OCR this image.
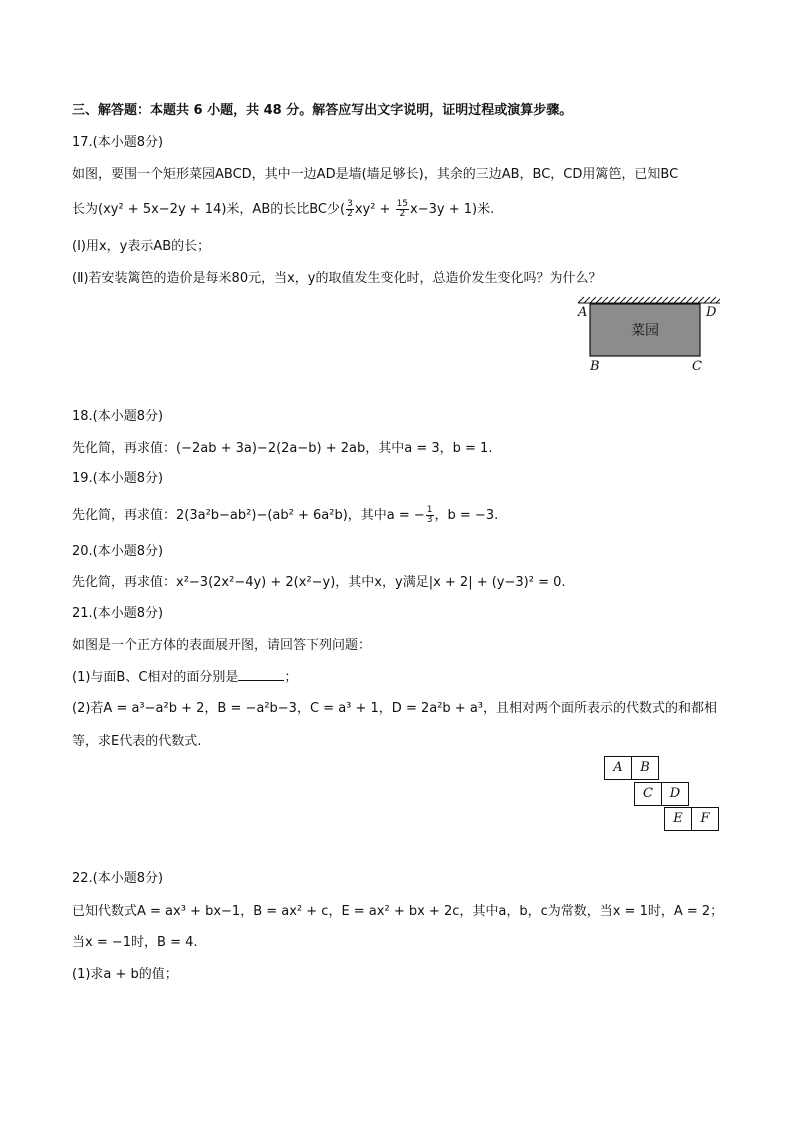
三、解答题：本题共 6 小题，共 48 分。解答应写出文字说明，证明过程或演算步骤。
17.(本小题8分)
如图，要围一个矩形菜园ABCD，其中一边AD是墙(墙足够长)，其余的三边AB，BC，CD用篱笆，已知BC
长为(xy² + 5x−2y + 14)米，AB的长比BC少( $\frac{3}{2} xy^2 + \frac{15}{2} x-3y + 1$)米.
(Ⅰ)用x，y表示AB的长；
(Ⅱ)若安装篱笆的造价是每米80元，当x，y的取值发生变化时，总造价发生变化吗？为什么？
菜园
A	D
B	C
18.(本小题8分)
先化简，再求值：(−2ab + 3a)−2(2a−b) + 2ab，其中a = 3，b = 1.
19.(本小题8分)
先化简，再求值：2(3a²b−ab²)−(ab² + 6a²b)，其中a = − $\frac{1}{3}$ ，b = −3.
20.(本小题8分)
先化简，再求值：x²−3(2x²−4y) + 2(x²−y)，其中x，y满足|x + 2| + (y−3)² = 0.
21.(本小题8分)
如图是一个正方体的表面展开图，请回答下列问题：
(1)与面B、C相对的面分别是	；
(2)若A = a³−a²b + 2，B = −a²b−3，C = a³ + 1，D = 2a²b + a³，且相对两个面所表示的代数式的和都相
等，求E代表的代数式.
A	B
C	D
E	F
22.(本小题8分)
已知代数式A = ax³ + bx−1，B = ax² + c，E = ax² + bx + 2c，其中a，b，c为常数，当x = 1时，A = 2；
当x = −1时，B = 4.
(1)求a + b的值；
